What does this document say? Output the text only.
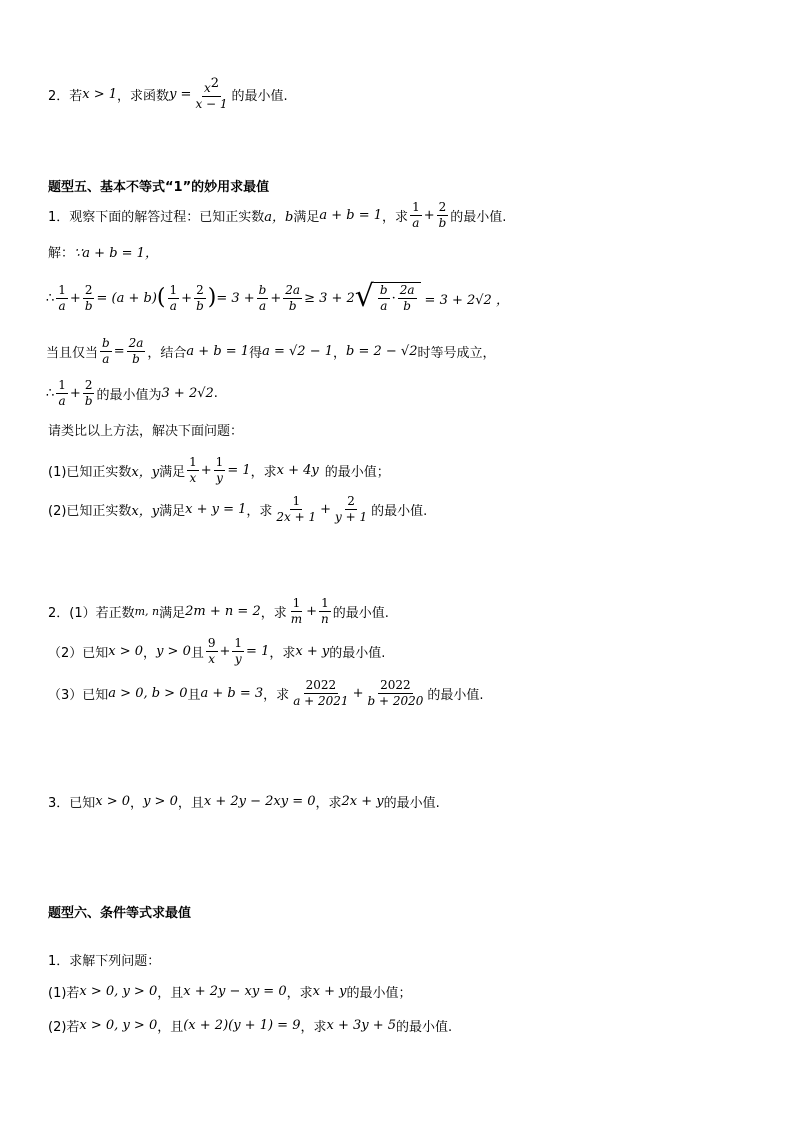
2．若 x > 1 ，求函数 $y = \frac{x^2}{x - 1}$ 的最小值.
题型五、基本不等式“1”的妙用求最值
1．观察下面的解答过程：已知正实数 a，b 满足 a + b = 1 ，求 $\frac{1}{a} + \frac{2}{b}$ 的最小值.
解： ∵a + b = 1，
∴ $\frac{1}{a} + \frac{2}{b} = (a + b)$ ( $\frac{1}{a} + \frac{2}{b}$ ) = $3 + \frac{b}{a} + \frac{2a}{b} \ge 3 + 2$ √ $\frac{b}{a} \cdot \frac{2a}{b} = 3 + 2√2$ ，
当且仅当 $\frac{b}{a} = \frac{2a}{b}$ ，结合 a + b = 1 得 a = √2 − 1 ， b = 2 − √2 时等号成立，
∴ $\frac{1}{a} + \frac{2}{b}$ 的最小值为 3 + 2√2 .
请类比以上方法，解决下面问题：
(1)已知正实数 x，y 满足 $\frac{1}{x} + \frac{1}{y} = 1$ ，求 x + 4y 的最小值；
(2)已知正实数 x，y 满足 x + y = 1 ，求 $\frac{1}{2x + 1} + \frac{2}{y + 1}$ 的最小值.
2．(1）若正数 m, n 满足 2m + n = 2 ，求 $\frac{1}{m} + \frac{1}{n}$ 的最小值.
（2）已知 x > 0 ， y > 0 且 $\frac{9}{x} + \frac{1}{y} = 1$ ，求 x + y 的最小值.
（3）已知 a > 0, b > 0 且 a + b = 3 ，求 $\frac{2022}{a + 2021} + \frac{2022}{b + 2020}$ 的最小值.
3．已知 x > 0 ， y > 0 ，且 x + 2y − 2xy = 0 ，求 2x + y 的最小值.
题型六、条件等式求最值
1．求解下列问题：
(1)若 x > 0, y > 0 ，且 x + 2y − xy = 0 ，求 x + y 的最小值；
(2)若 x > 0, y > 0 ，且 (x + 2)(y + 1) = 9 ，求 x + 3y + 5 的最小值.
